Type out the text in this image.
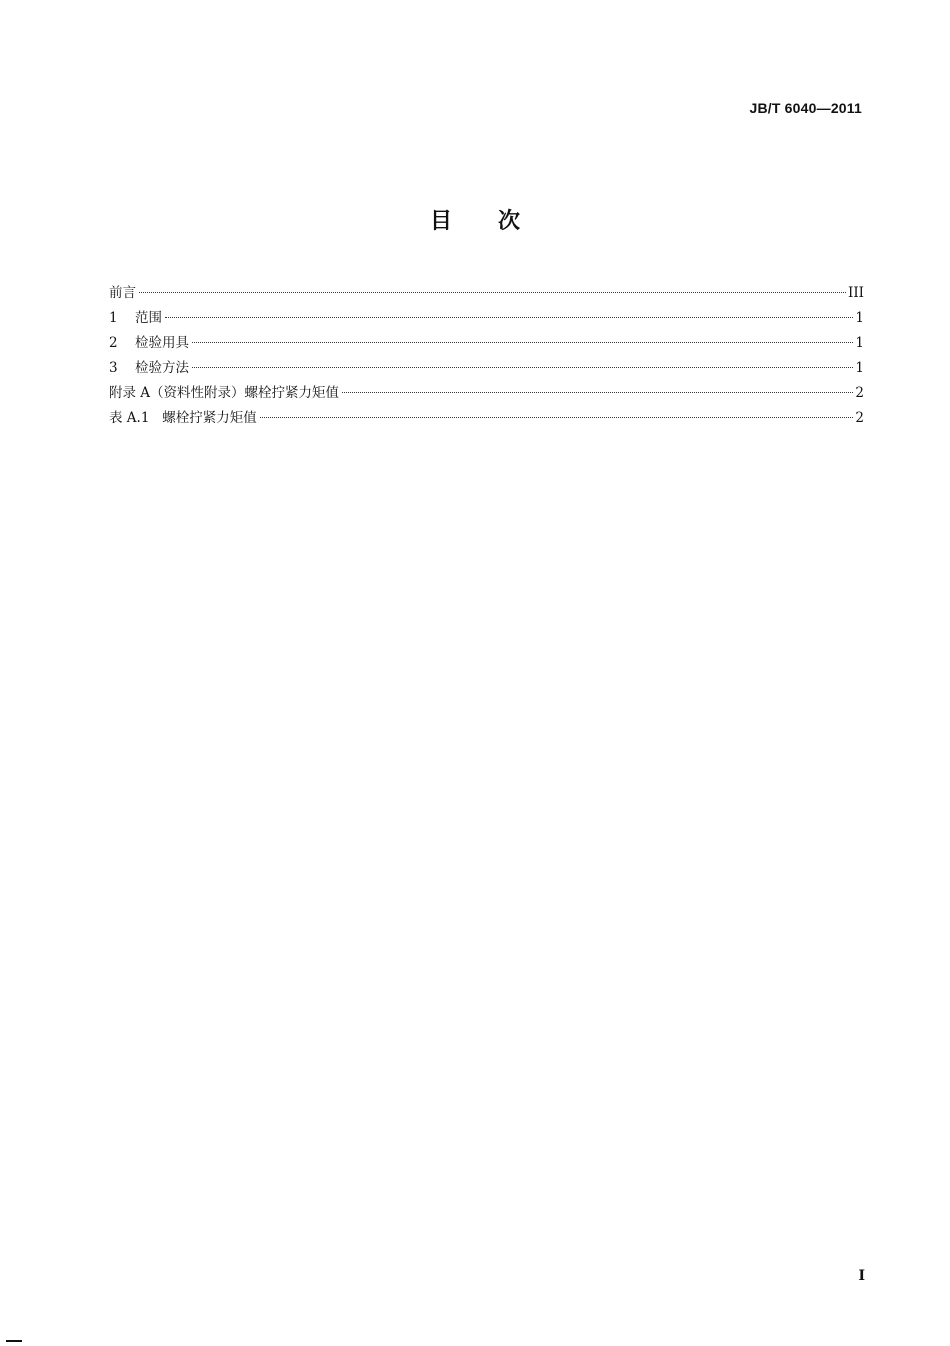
JB/T 6040—2011
目 次
前言	III
1	范围	1
2	检验用具	1
3	检验方法	1
附录 A（资料性附录）螺栓拧紧力矩值	2
表 A.1   螺栓拧紧力矩值	2
I
